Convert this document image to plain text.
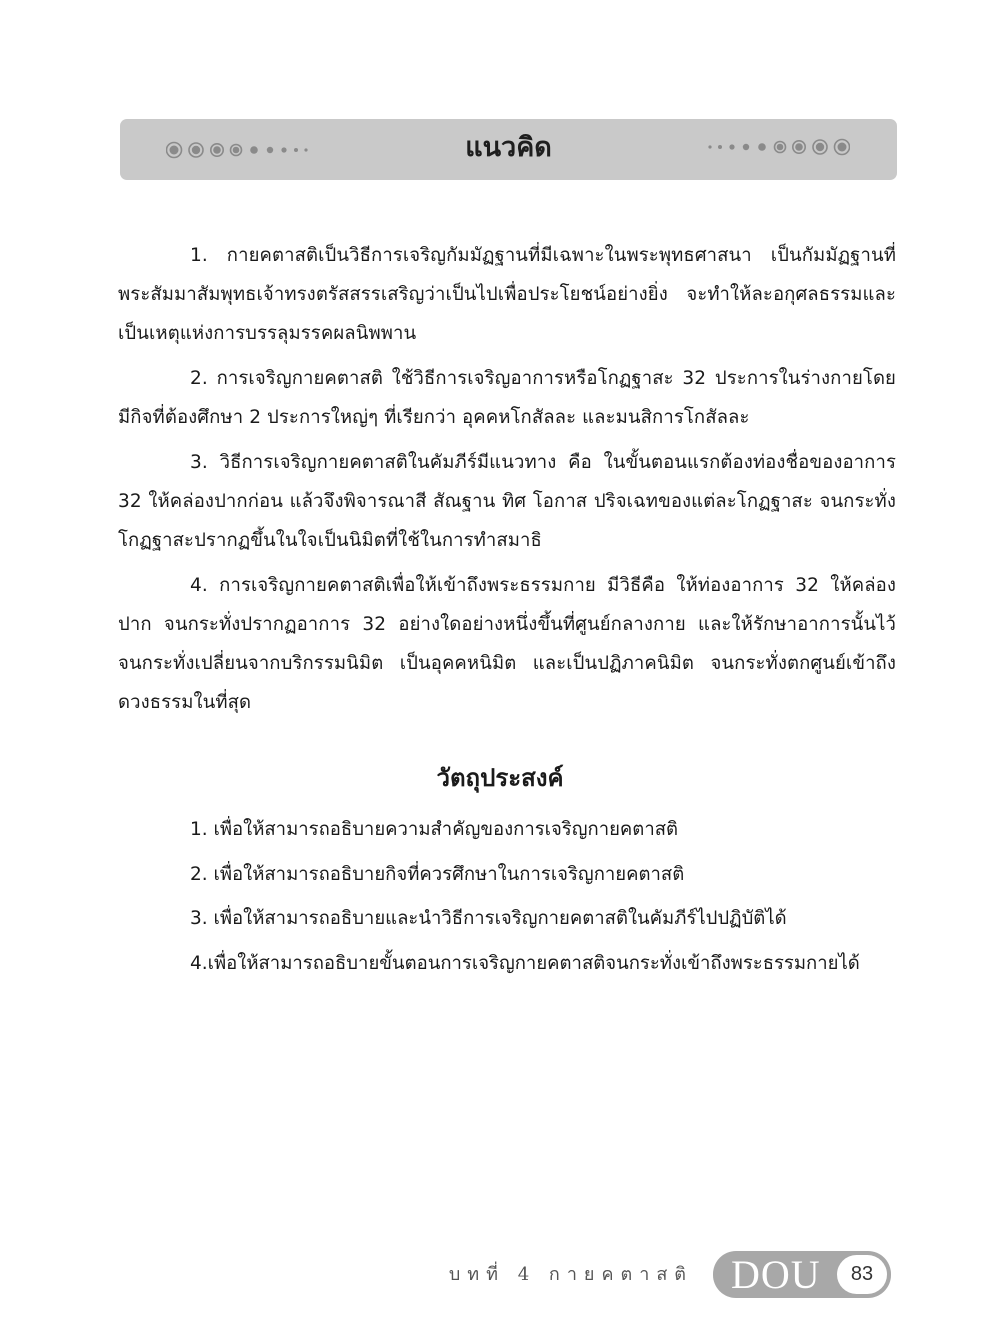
แนวคิด

1. กายคตาสติเป็นวิธีการเจริญกัมมัฏฐานที่มีเฉพาะในพระพุทธศาสนา เป็นกัมมัฏฐานที่พระสัมมาสัมพุทธเจ้าทรงตรัสสรรเสริญว่าเป็นไปเพื่อประโยชน์อย่างยิ่ง จะทำให้ละอกุศลธรรมและเป็นเหตุแห่งการบรรลุมรรคผลนิพพาน

2. การเจริญกายคตาสติ ใช้วิธีการเจริญอาการหรือโกฏฐาสะ 32 ประการในร่างกายโดยมีกิจที่ต้องศึกษา 2 ประการใหญ่ๆ ที่เรียกว่า อุคคหโกสัลละ และมนสิการโกสัลละ

3. วิธีการเจริญกายคตาสติในคัมภีร์มีแนวทาง คือ ในขั้นตอนแรกต้องท่องชื่อของอาการ 32 ให้คล่องปากก่อน แล้วจึงพิจารณาสี สัณฐาน ทิศ โอกาส ปริจเฉทของแต่ละโกฏฐาสะ จนกระทั่ง โกฏฐาสะปรากฏขึ้นในใจเป็นนิมิตที่ใช้ในการทำสมาธิ

4. การเจริญกายคตาสติเพื่อให้เข้าถึงพระธรรมกาย มีวิธีคือ ให้ท่องอาการ 32 ให้คล่องปาก จนกระทั่งปรากฏอาการ 32 อย่างใดอย่างหนึ่งขึ้นที่ศูนย์กลางกาย และให้รักษาอาการนั้นไว้ จนกระทั่งเปลี่ยนจากบริกรรมนิมิต เป็นอุคคหนิมิต และเป็นปฏิภาคนิมิต จนกระทั่งตกศูนย์เข้าถึงดวงธรรมในที่สุด

วัตถุประสงค์
1. เพื่อให้สามารถอธิบายความสำคัญของการเจริญกายคตาสติ
2. เพื่อให้สามารถอธิบายกิจที่ควรศึกษาในการเจริญกายคตาสติ
3. เพื่อให้สามารถอธิบายและนำวิธีการเจริญกายคตาสติในคัมภีร์ไปปฏิบัติได้
4.เพื่อให้สามารถอธิบายขั้นตอนการเจริญกายคตาสติจนกระทั่งเข้าถึงพระธรรมกายได้
บทที่ 4 กายคตาสติ DOU	83
